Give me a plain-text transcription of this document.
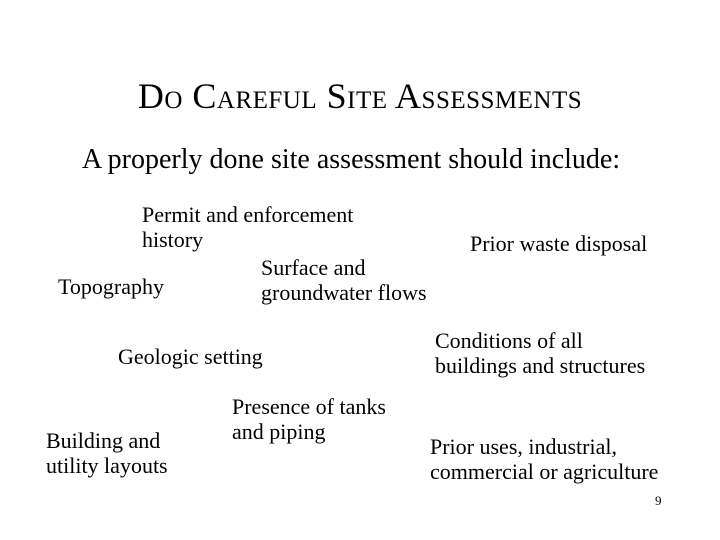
Do Careful Site Assessments
A properly done site assessment should include:
Permit and enforcement
history	Prior waste disposal
Surface and
groundwater flows
Topography
Conditions of all
buildings and structures
Geologic setting
Presence of tanks
and piping
Building and
utility layouts
Prior uses, industrial,
commercial or agriculture
9
